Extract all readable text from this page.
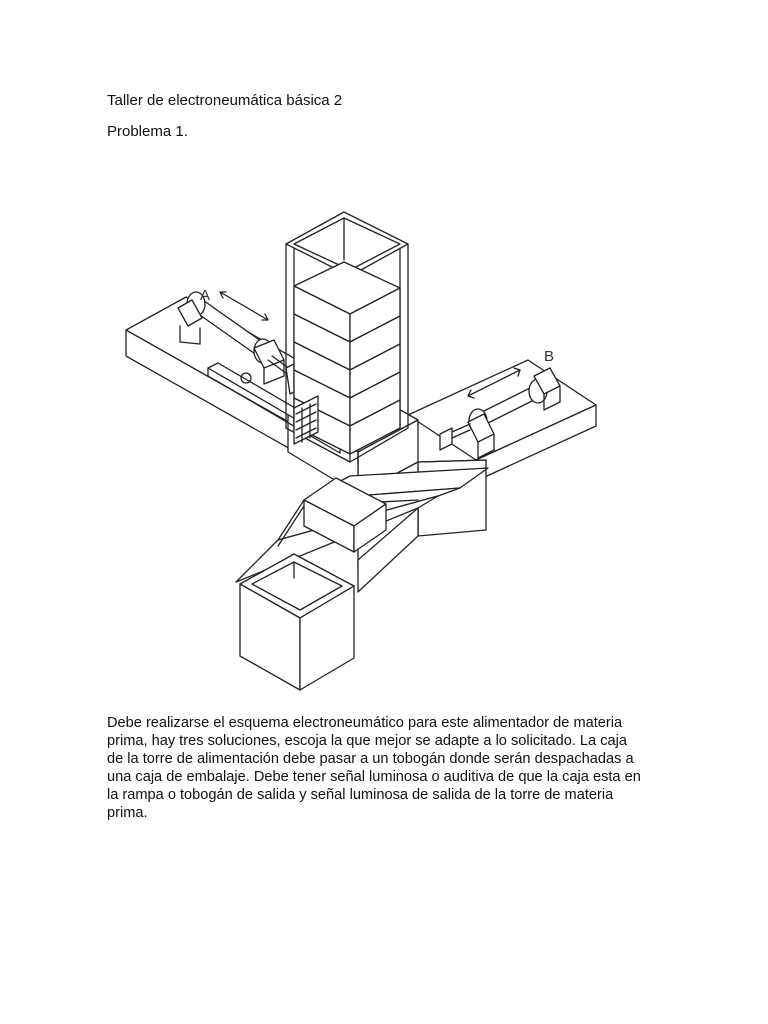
Taller de electroneumática básica 2
Problema 1.
A
B
Debe realizarse el esquema electroneumático para este alimentador de materia
prima, hay tres soluciones, escoja la que mejor se adapte a lo solicitado. La caja
de la torre de alimentación debe pasar a un tobogán donde serán despachadas a
una caja de embalaje. Debe tener señal luminosa o auditiva de que la caja esta en
la rampa o tobogán de salida y señal luminosa de salida de la torre de materia
prima.
